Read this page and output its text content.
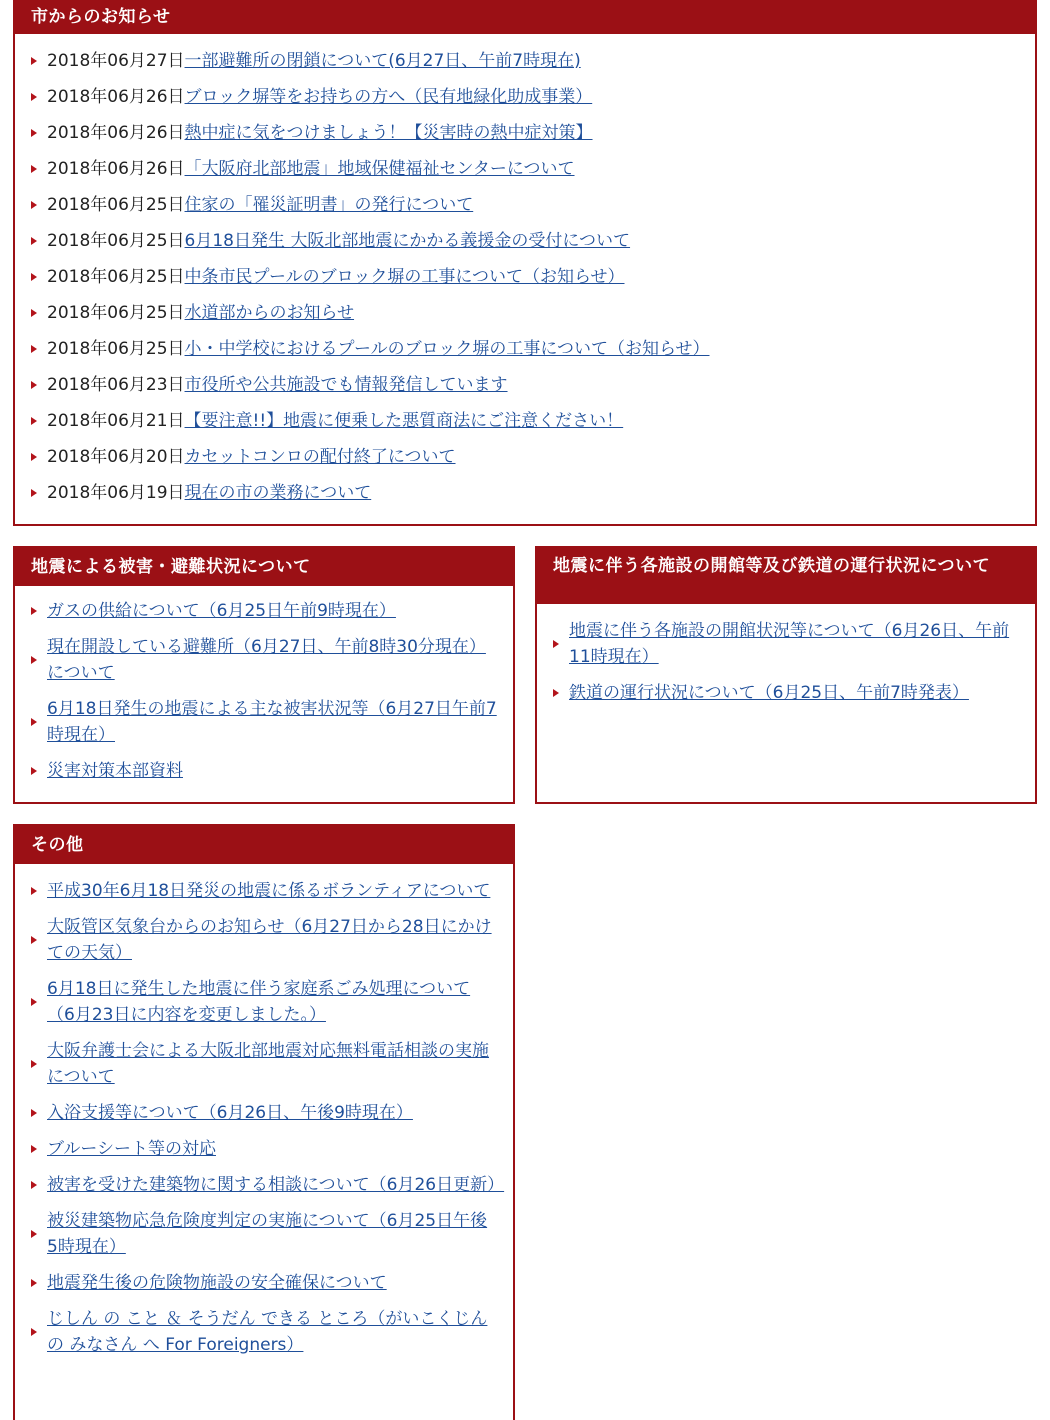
市からのお知らせ
2018年06月27日一部避難所の閉鎖について(6月27日、午前7時現在)
2018年06月26日ブロック塀等をお持ちの方へ（民有地緑化助成事業）
2018年06月26日熱中症に気をつけましょう！【災害時の熱中症対策】
2018年06月26日「大阪府北部地震」地域保健福祉センターについて
2018年06月25日住家の「罹災証明書」の発行について
2018年06月25日6月18日発生 大阪北部地震にかかる義援金の受付について
2018年06月25日中条市民プールのブロック塀の工事について（お知らせ）
2018年06月25日水道部からのお知らせ
2018年06月25日小・中学校におけるプールのブロック塀の工事について（お知らせ）
2018年06月23日市役所や公共施設でも情報発信しています
2018年06月21日【要注意!!】地震に便乗した悪質商法にご注意ください！
2018年06月20日カセットコンロの配付終了について
2018年06月19日現在の市の業務について
地震による被害・避難状況について
ガスの供給について（6月25日午前9時現在）
現在開設している避難所（6月27日、午前8時30分現在）について
6月18日発生の地震による主な被害状況等（6月27日午前7時現在）
災害対策本部資料
地震に伴う各施設の開館等及び鉄道の運行状況について
地震に伴う各施設の開館状況等について（6月26日、午前11時現在）
鉄道の運行状況について（6月25日、午前7時発表）
その他
平成30年6月18日発災の地震に係るボランティアについて
大阪管区気象台からのお知らせ（6月27日から28日にかけての天気）
6月18日に発生した地震に伴う家庭系ごみ処理について（6月23日に内容を変更しました。）
大阪弁護士会による大阪北部地震対応無料電話相談の実施について
入浴支援等について（6月26日、午後9時現在）
ブルーシート等の対応
被害を受けた建築物に関する相談について（6月26日更新）
被災建築物応急危険度判定の実施について（6月25日午後5時現在）
地震発生後の危険物施設の安全確保について
じしん の こと ＆ そうだん できる ところ（がいこくじん の みなさん へ For Foreigners）
